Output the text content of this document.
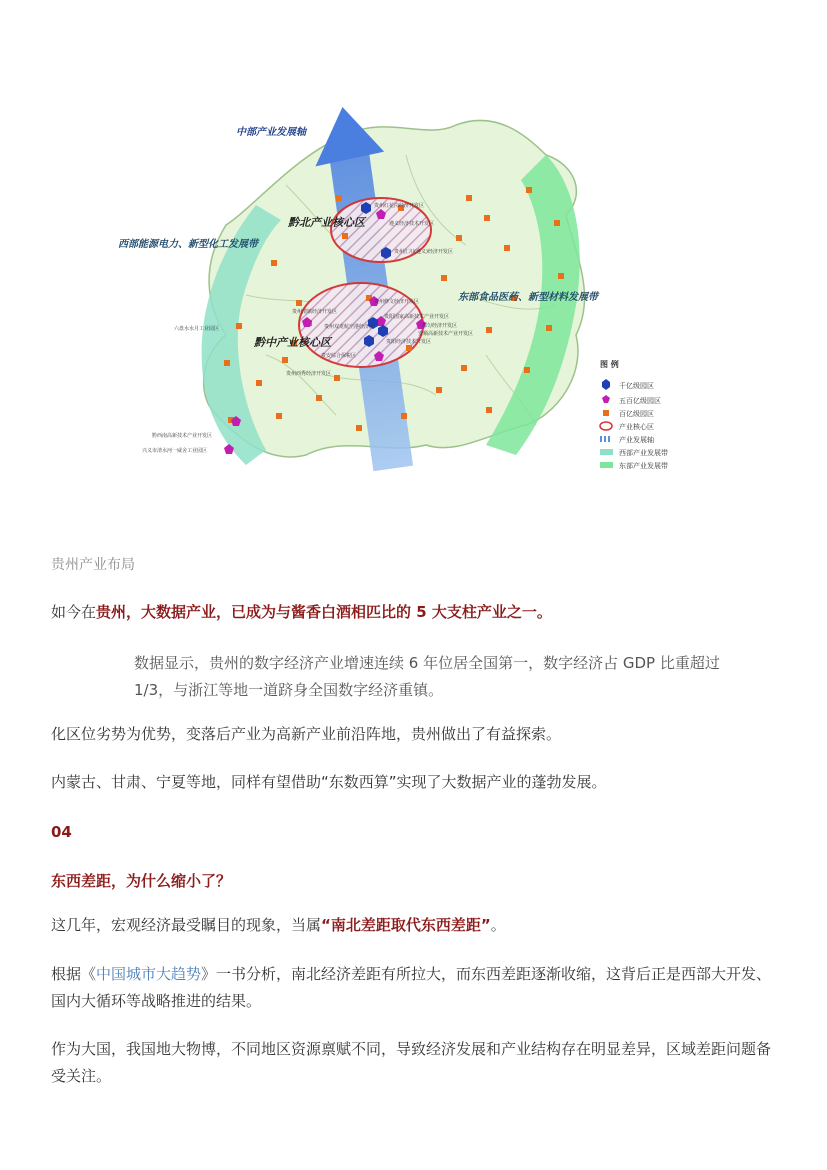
贵州红花岗经济开发区
遵义经济技术开发区
贵州汇川(遵义)经济开发区
贵州修文经济开发区
贵阳国家高新技术产业开发区
贵阳经济技术开发区
贵州清镇经济开发区
贵州双龙航空港经济区
安顺高新技术产业开发区
贵安综合保税区
贵州西秀经济开发区
六盘水水月工业园区
黔西南高新技术产业开发区
兴义市清水河一威舍工业园区
都匀经济开发区
中部产业发展轴
西部能源电力、新型化工发展带
东部食品医药、新型材料发展带
黔北产业核心区
黔中产业核心区
图 例
千亿级园区
五百亿级园区
百亿级园区
产业核心区
产业发展轴
西部产业发展带
东部产业发展带
贵州产业布局
如今在贵州，大数据产业，已成为与酱香白酒相匹比的 5 大支柱产业之一。
数据显示，贵州的数字经济产业增速连续 6 年位居全国第一，数字经济占 GDP 比重超过 1/3，与浙江等地一道跻身全国数字经济重镇。
化区位劣势为优势，变落后产业为高新产业前沿阵地，贵州做出了有益探索。
内蒙古、甘肃、宁夏等地，同样有望借助“东数西算”实现了大数据产业的蓬勃发展。
04
东西差距，为什么缩小了？
这几年，宏观经济最受瞩目的现象，当属“南北差距取代东西差距”。
根据《中国城市大趋势》一书分析，南北经济差距有所拉大，而东西差距逐渐收缩，这背后正是西部大开发、国内大循环等战略推进的结果。
作为大国，我国地大物博，不同地区资源禀赋不同，导致经济发展和产业结构存在明显差异，区域差距问题备受关注。
